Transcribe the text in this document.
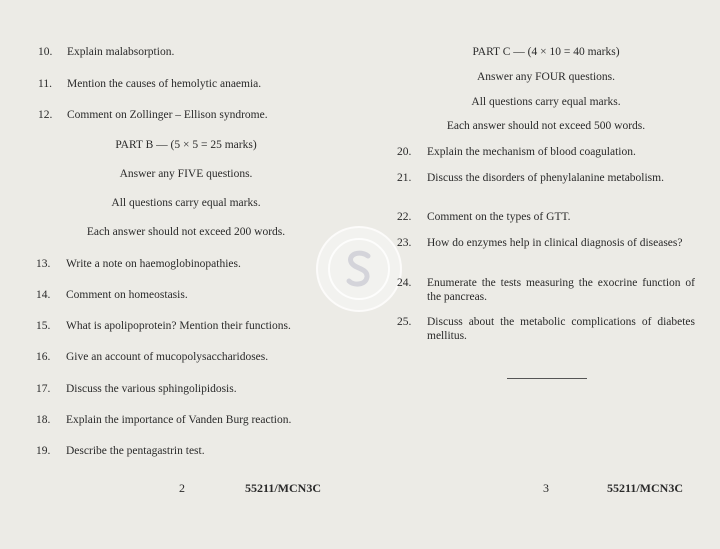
10.	Explain malabsorption.
11.	Mention the causes of hemolytic anaemia.
12.	Comment on Zollinger – Ellison syndrome.
PART B — (5 × 5 = 25 marks)
Answer any FIVE questions.
All questions carry equal marks.
Each answer should not exceed 200 words.
13.	Write a note on haemoglobinopathies.
14.	Comment on homeostasis.
15.	What is apolipoprotein? Mention their functions.
16.	Give an account of mucopolysaccharidoses.
17.	Discuss the various sphingolipidosis.
18.	Explain the importance of Vanden Burg reaction.
19.	Describe the pentagastrin test.
2	55211/MCN3C
PART C — (4 × 10 = 40 marks)
Answer any FOUR questions.
All questions carry equal marks.
Each answer should not exceed 500 words.
20.	Explain the mechanism of blood coagulation.
21.	Discuss the disorders of phenylalanine metabolism.
22.	Comment on the types of GTT.
23.	How do enzymes help in clinical diagnosis of diseases?
24.	Enumerate the tests measuring the exocrine function of the pancreas.
25.	Discuss about the metabolic complications of diabetes mellitus.
3	55211/MCN3C
